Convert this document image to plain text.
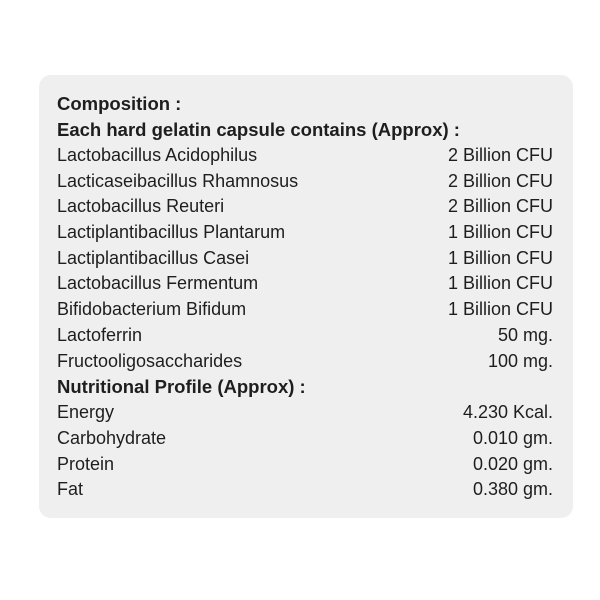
Composition :
Each hard gelatin capsule contains (Approx) :
Lactobacillus Acidophilus	2 Billion CFU
Lacticaseibacillus Rhamnosus	2 Billion CFU
Lactobacillus Reuteri	2 Billion CFU
Lactiplantibacillus Plantarum	1 Billion CFU
Lactiplantibacillus Casei	1 Billion CFU
Lactobacillus Fermentum	1 Billion CFU
Bifidobacterium Bifidum	1 Billion CFU
Lactoferrin	50 mg.
Fructooligosaccharides	100 mg.
Nutritional Profile (Approx) :
Energy	4.230 Kcal.
Carbohydrate	0.010 gm.
Protein	0.020 gm.
Fat	0.380 gm.
